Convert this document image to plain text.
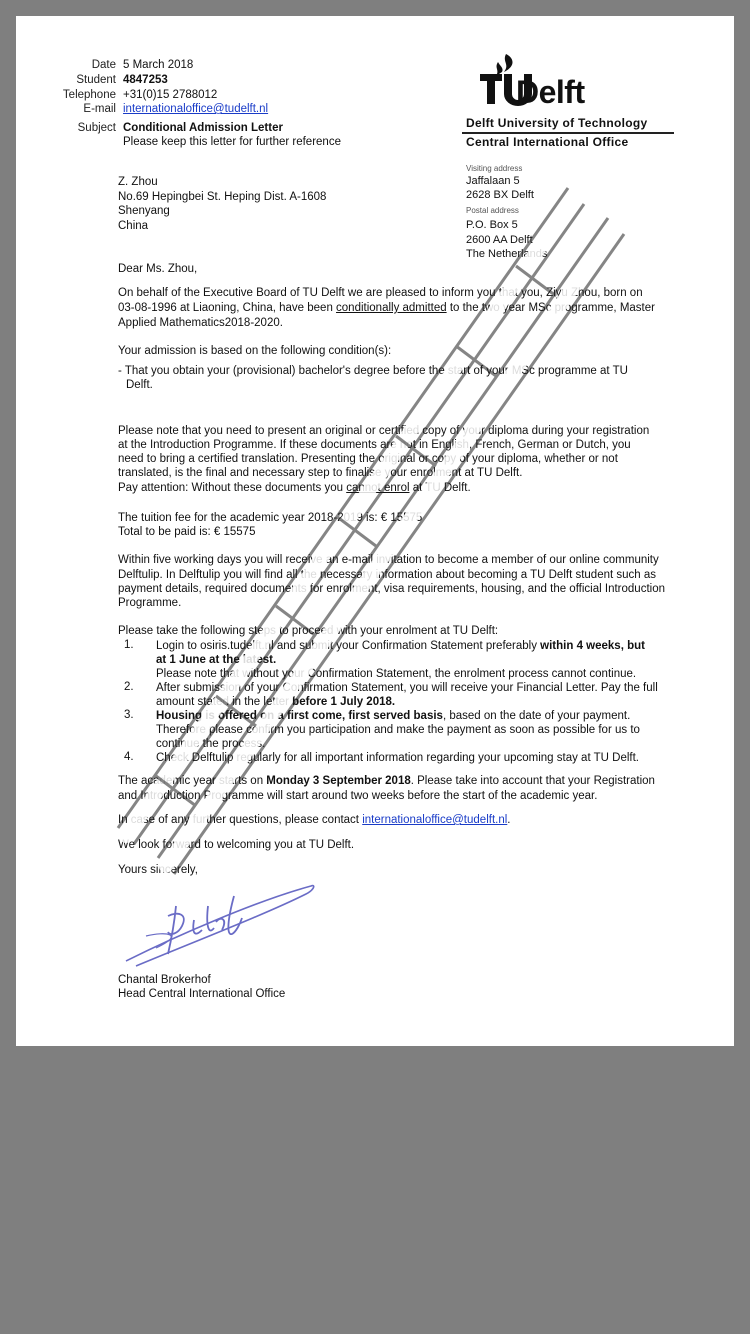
Date 5 March 2018
Student 4847253
Telephone +31(0)15 2788012
E-mail internationaloffice@tudelft.nl
Subject Conditional Admission Letter
Please keep this letter for further reference
Delft
Delft University of Technology
Central International Office
Visiting address
Jaffalaan 5
2628 BX Delft
Postal address
P.O. Box 5
2600 AA Delft
The Netherlands
Z. Zhou
No.69 Hepingbei St. Heping Dist. A-1608
Shenyang
China
Dear Ms. Zhou,
On behalf of the Executive Board of TU Delft we are pleased to inform you that you, Ziyu Zhou, born on
03-08-1996 at Liaoning, China, have been conditionally admitted to the two year MSc programme, Master
Applied Mathematics2018-2020.
Your admission is based on the following condition(s):
- That you obtain your (provisional) bachelor's degree before the start of your MSc programme at TU
Delft.
Please note that you need to present an original or certified copy of your diploma during your registration
at the Introduction Programme. If these documents are not in English, French, German or Dutch, you
need to bring a certified translation. Presenting the original or copy of your diploma, whether or not
translated, is the final and necessary step to finalise your enrolment at TU Delft.
Pay attention: Without these documents you cannot enrol at TU Delft.
The tuition fee for the academic year 2018-2019 is: € 15575
Total to be paid is: € 15575
Within five working days you will receive an e-mail invitation to become a member of our online community
Delftulip. In Delftulip you will find all the necessary information about becoming a TU Delft student such as
payment details, required documents for enrolment, visa requirements, housing, and the official Introduction
Programme.
Please take the following steps to proceed with your enrolment at TU Delft:
1. Login to osiris.tudelft.nl and submit your Confirmation Statement preferably within 4 weeks, but
at 1 June at the latest.
Please note that without your Confirmation Statement, the enrolment process cannot continue.
2. After submission of your Confirmation Statement, you will receive your Financial Letter. Pay the full
amount stated in the letter before 1 July 2018.
3. Housing is offered on a first come, first served basis, based on the date of your payment.
Therefore please confirm you participation and make the payment as soon as possible for us to
continue the process.
4. Check Delftulip regularly for all important information regarding your upcoming stay at TU Delft.
The academic year starts on Monday 3 September 2018. Please take into account that your Registration
and Introduction Programme will start around two weeks before the start of the academic year.
In case of any further questions, please contact internationaloffice@tudelft.nl.
We look forward to welcoming you at TU Delft.
Yours sincerely,
Chantal Brokerhof
Head Central International Office
